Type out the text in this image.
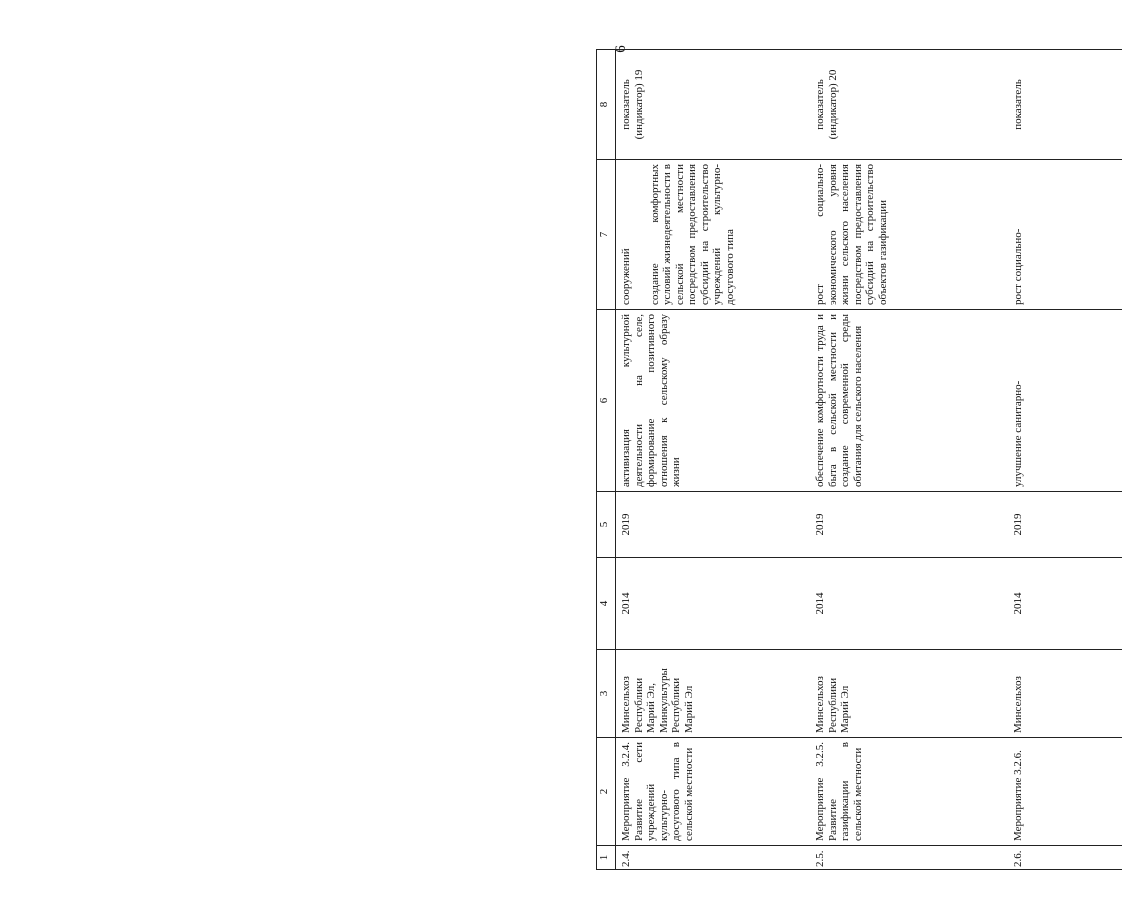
6
1	2	3	4	5	6	7	8
2.4.	Мероприятие 3.2.4. Развитие сети учреждений культурно-досугового типа в сельской местности	Минсельхоз Республики Марий Эл, Минкультуры Республики Марий Эл	2014	2019	активизация культурной деятельности на селе, формирование позитивного отношения к сельскому образу жизни	сооружений создание комфортных условий жизнедеятельности в сельской местности посредством предоставления субсидий на строительство учреждений культурно-досугового типа	показатель (индикатор) 19
2.5.	Мероприятие 3.2.5. Развитие газификации в сельской местности	Минсельхоз Республики Марий Эл	2014	2019	обеспечение комфортности труда и быта в сельской местности и создание современной среды обитания для сельского населения	рост социально-экономического уровня жизни сельского населения посредством предоставления субсидий на строительство объектов газификации	показатель (индикатор) 20
2.6.	Мероприятие 3.2.6.	Минсельхоз	2014	2019	улучшение санитарно-	рост социально-	показатель
